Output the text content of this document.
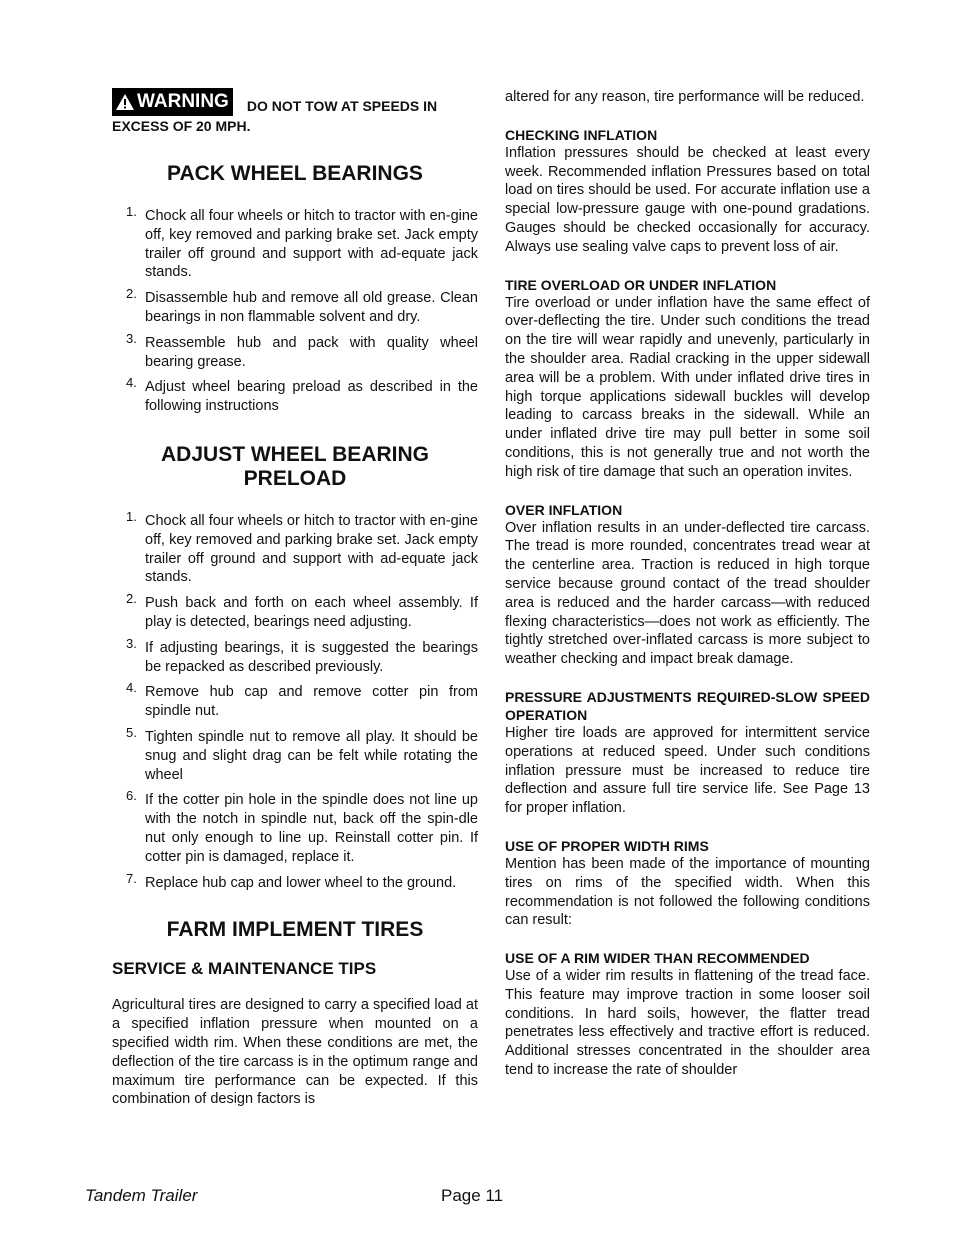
WARNING DO NOT TOW AT SPEEDS IN EXCESS OF 20 MPH.
PACK WHEEL BEARINGS
1. Chock all four wheels or hitch to tractor with en-gine off, key removed and parking brake set. Jack empty trailer off ground and support with ad-equate jack stands.
2. Disassemble hub and remove all old grease. Clean bearings in non flammable solvent and dry.
3. Reassemble hub and pack with quality wheel bearing grease.
4. Adjust wheel bearing preload as described in the following instructions
ADJUST WHEEL BEARING
PRELOAD
1. Chock all four wheels or hitch to tractor with en-gine off, key removed and parking brake set. Jack empty trailer off ground and support with ad-equate jack stands.
2. Push back and forth on each wheel assembly. If play is detected, bearings need adjusting.
3. If adjusting bearings, it is suggested the bearings be repacked as described previously.
4. Remove hub cap and remove cotter pin from spindle nut.
5. Tighten spindle nut to remove all play. It should be snug and slight drag can be felt while rotating the wheel
6. If the cotter pin hole in the spindle does not line up with the notch in spindle nut, back off the spin-dle nut only enough to line up. Reinstall cotter pin. If cotter pin is damaged, replace it.
7. Replace hub cap and lower wheel to the ground.
FARM IMPLEMENT TIRES
SERVICE & MAINTENANCE TIPS

Agricultural tires are designed to carry a specified load at a specified inflation pressure when mounted on a specified width rim. When these conditions are met, the deflection of the tire carcass is in the optimum range and maximum tire performance can be expected. If this combination of design factors is

altered for any reason, tire performance will be reduced.

CHECKING INFLATION

Inflation pressures should be checked at least every week. Recommended inflation Pressures based on total load on tires should be used. For accurate inflation use a special low-pressure gauge with one-pound gradations. Gauges should be checked occasionally for accuracy. Always use sealing valve caps to prevent loss of air.

TIRE OVERLOAD OR UNDER INFLATION

Tire overload or under inflation have the same effect of over-deflecting the tire. Under such conditions the tread on the tire will wear rapidly and unevenly, particularly in the shoulder area. Radial cracking in the upper sidewall area will be a problem. With under inflated drive tires in high torque applications sidewall buckles will develop leading to carcass breaks in the sidewall. While an under inflated drive tire may pull better in some soil conditions, this is not generally true and not worth the high risk of tire damage that such an operation invites.

OVER INFLATION

Over inflation results in an under-deflected tire carcass. The tread is more rounded, concentrates tread wear at the centerline area. Traction is reduced in high torque service because ground contact of the tread shoulder area is reduced and the harder carcass—with reduced flexing characteristics—does not work as efficiently. The tightly stretched over-inflated carcass is more subject to weather checking and impact break damage.

PRESSURE ADJUSTMENTS REQUIRED-SLOW SPEED OPERATION

Higher tire loads are approved for intermittent service operations at reduced speed. Under such conditions inflation pressure must be increased to reduce tire deflection and assure full tire service life. See Page 13 for proper inflation.

USE OF PROPER WIDTH RIMS

Mention has been made of the importance of mounting tires on rims of the specified width. When this recommendation is not followed the following conditions can result:

USE OF A RIM WIDER THAN RECOMMENDED

Use of a wider rim results in flattening of the tread face. This feature may improve traction in some looser soil conditions. In hard soils, however, the flatter tread penetrates less effectively and tractive effort is reduced. Additional stresses concentrated in the shoulder area tend to increase the rate of shoulder

Tandem Trailer	Page 11
